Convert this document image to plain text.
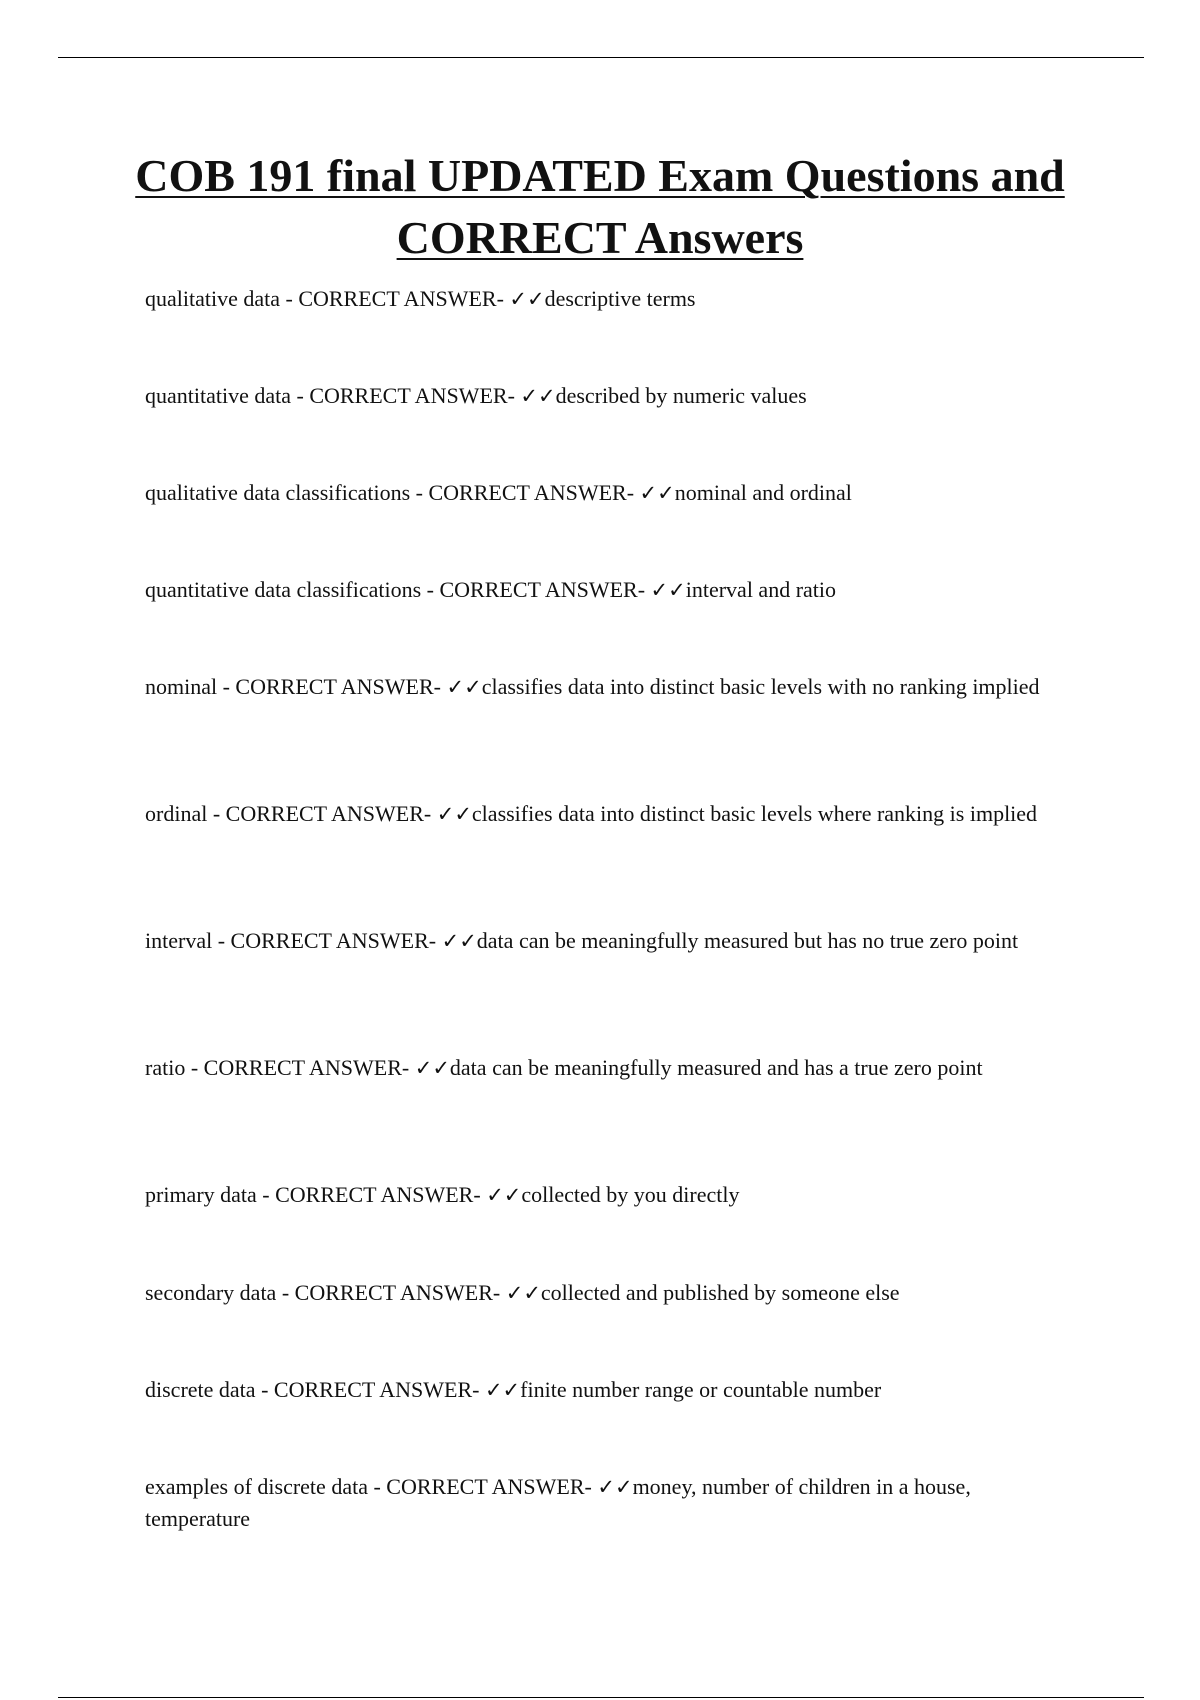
COB 191 final UPDATED Exam Questions and CORRECT Answers

qualitative data - CORRECT ANSWER- ✓✓descriptive terms

quantitative data - CORRECT ANSWER- ✓✓described by numeric values

qualitative data classifications - CORRECT ANSWER- ✓✓nominal and ordinal

quantitative data classifications - CORRECT ANSWER- ✓✓interval and ratio

nominal - CORRECT ANSWER- ✓✓classifies data into distinct basic levels with no ranking implied

ordinal - CORRECT ANSWER- ✓✓classifies data into distinct basic levels where ranking is implied

interval - CORRECT ANSWER- ✓✓data can be meaningfully measured but has no true zero point

ratio - CORRECT ANSWER- ✓✓data can be meaningfully measured and has a true zero point

primary data - CORRECT ANSWER- ✓✓collected by you directly

secondary data - CORRECT ANSWER- ✓✓collected and published by someone else

discrete data - CORRECT ANSWER- ✓✓finite number range or countable number

examples of discrete data - CORRECT ANSWER- ✓✓money, number of children in a house, temperature
